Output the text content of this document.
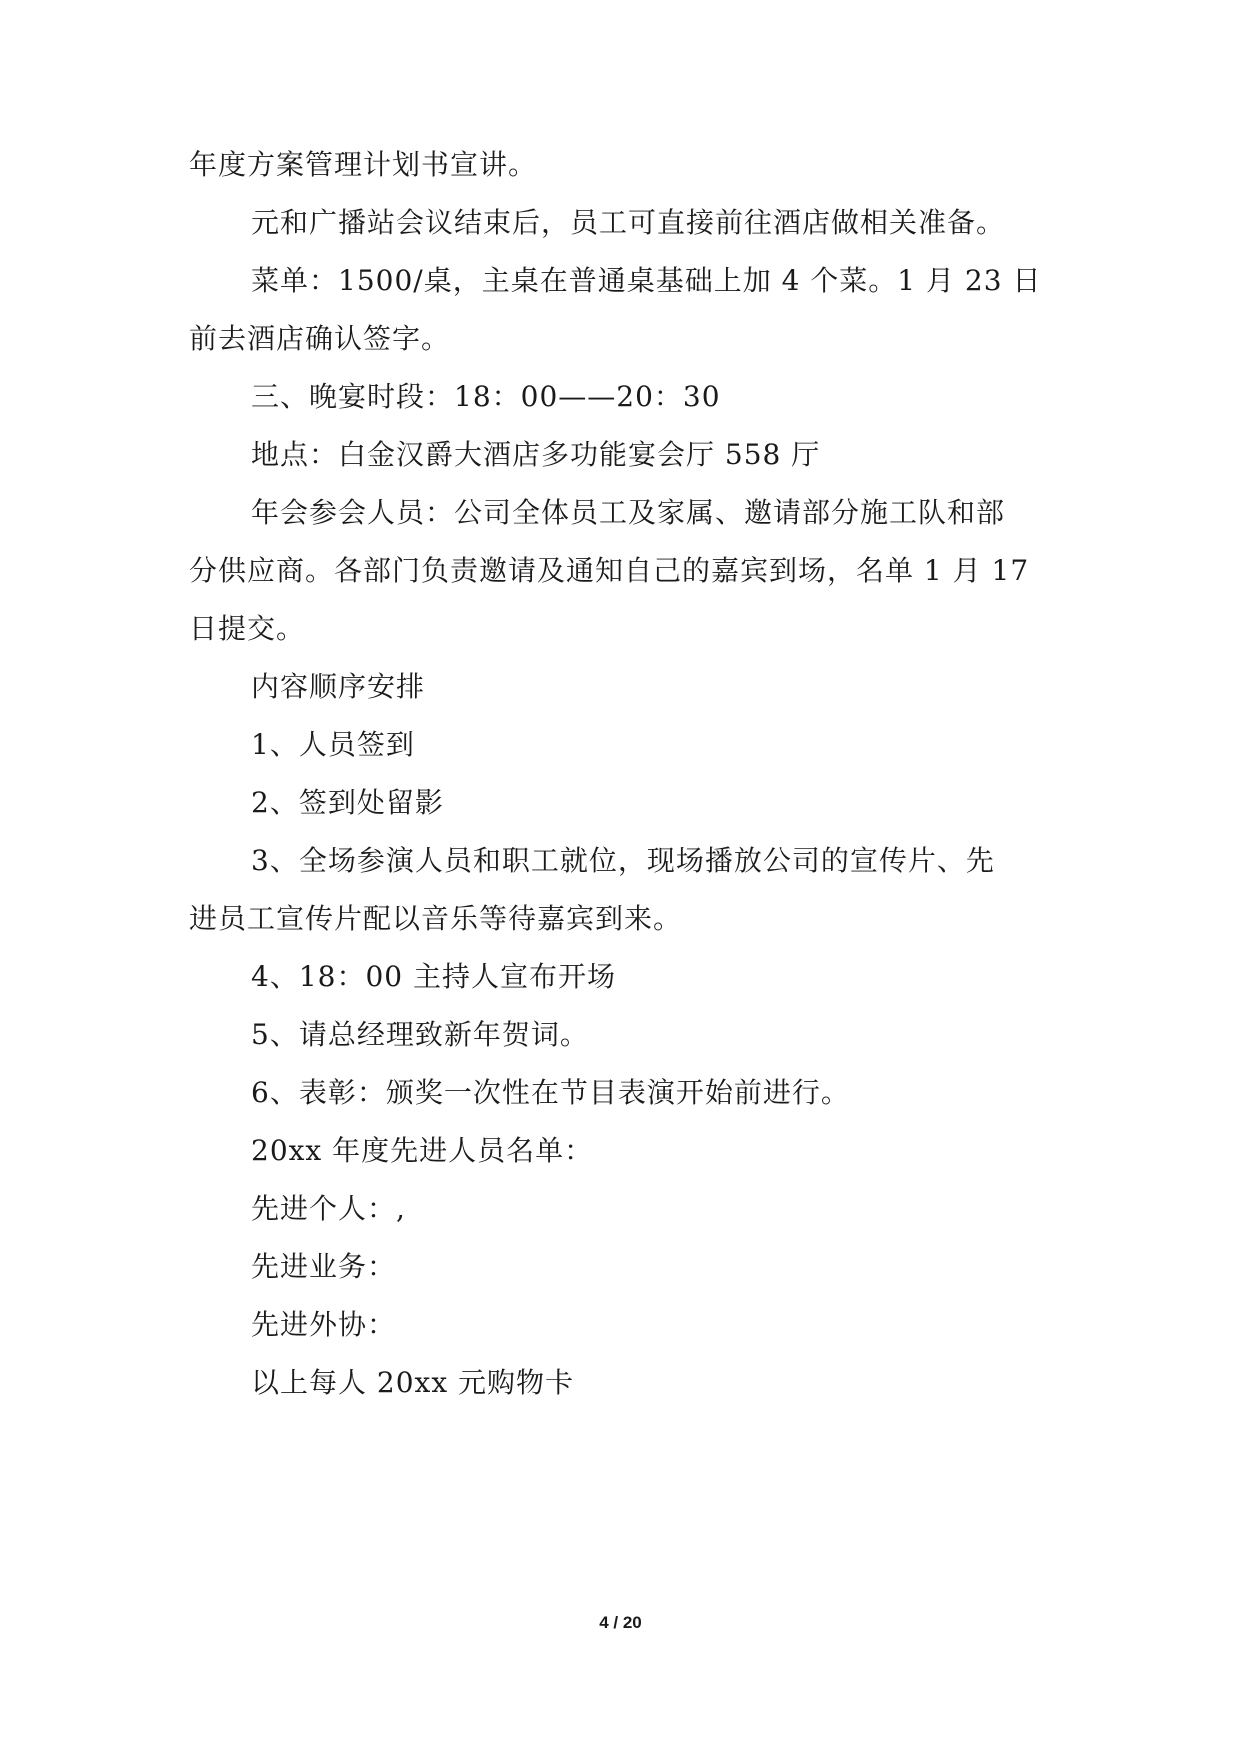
年度方案管理计划书宣讲。
元和广播站会议结束后，员工可直接前往酒店做相关准备。
菜单：1500/桌，主桌在普通桌基础上加 4 个菜。1 月 23 日
前去酒店确认签字。
三、晚宴时段：18：00——20：30
地点：白金汉爵大酒店多功能宴会厅 558 厅
年会参会人员：公司全体员工及家属、邀请部分施工队和部
分供应商。各部门负责邀请及通知自己的嘉宾到场，名单 1 月 17
日提交。
内容顺序安排
1、人员签到
2、签到处留影
3、全场参演人员和职工就位，现场播放公司的宣传片、先
进员工宣传片配以音乐等待嘉宾到来。
4、18：00 主持人宣布开场
5、请总经理致新年贺词。
6、表彰：颁奖一次性在节目表演开始前进行。
20xx 年度先进人员名单：
先进个人：,
先进业务：
先进外协：
以上每人 20xx 元购物卡
4 / 20
